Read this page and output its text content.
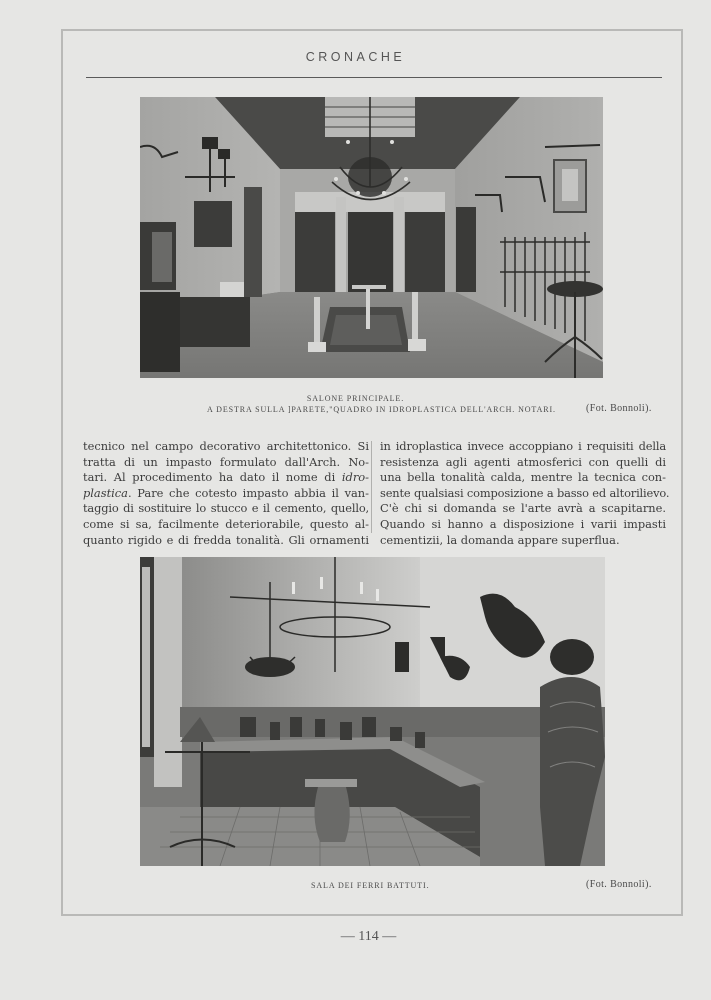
CRONACHE
SALONE PRINCIPALE.
A DESTRA SULLA ]PARETE,"QUADRO IN IDROPLASTICA DELL'ARCH. NOTARI.	(Fot. Bonnoli).
tecnico nel campo decorativo architettonico. Si
tratta di un impasto formulato dall'Arch. No-
tari. Al procedimento ha dato il nome di idro-
plastica. Pare che cotesto impasto abbia il van-
taggio di sostituire lo stucco e il cemento, quello,
come si sa, facilmente deteriorabile, questo al-
quanto rigido e di fredda tonalità. Gli ornamenti
in idroplastica invece accoppiano i requisiti della
resistenza agli agenti atmosferici con quelli di
una bella tonalità calda, mentre la tecnica con-
sente qualsiasi composizione a basso ed altorilievo.
C'è chi si domanda se l'arte avrà a scapitarne.
Quando si hanno a disposizione i varii impasti
cementizii, la domanda appare superflua.
SALA DEI FERRI BATTUTI.	(Fot. Bonnoli).
— 114 —
